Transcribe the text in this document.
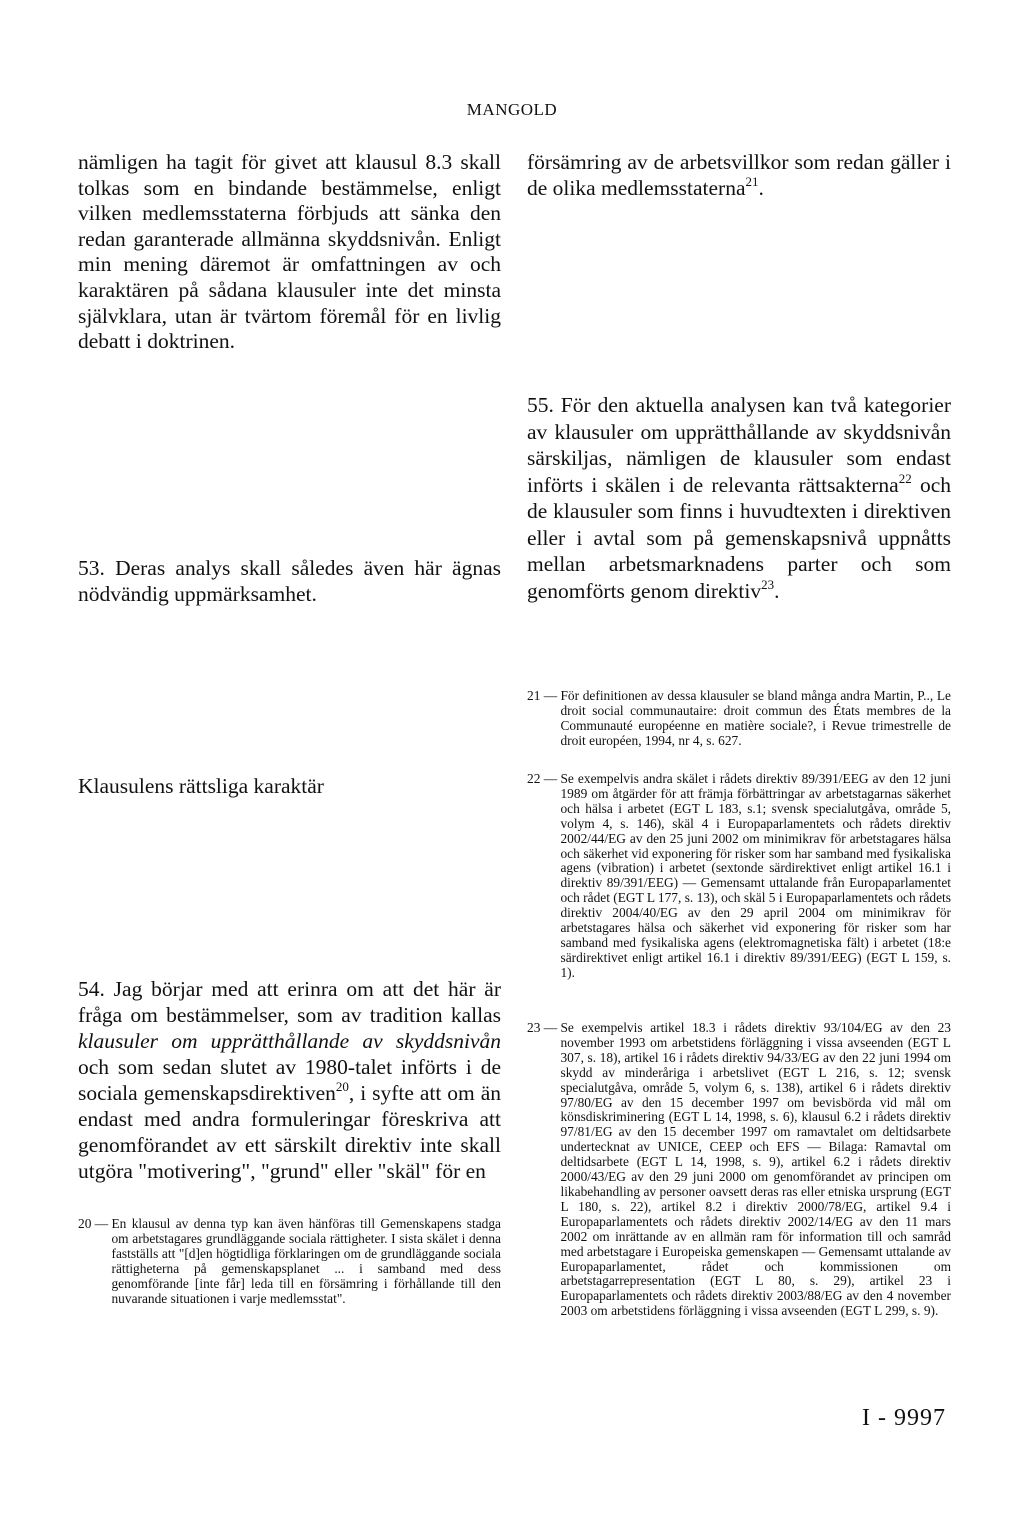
MANGOLD

nämligen ha tagit för givet att klausul 8.3 skall tolkas som en bindande bestämmelse, enligt vilken medlemsstaterna förbjuds att sänka den redan garanterade allmänna skyddsnivån. Enligt min mening däremot är omfattningen av och karaktären på sådana klausuler inte det minsta självklara, utan är tvärtom föremål för en livlig debatt i doktrinen.

53. Deras analys skall således även här ägnas nödvändig uppmärksamhet.

Klausulens rättsliga karaktär

54. Jag börjar med att erinra om att det här är fråga om bestämmelser, som av tradition kallas klausuler om upprätthållande av skyddsnivån och som sedan slutet av 1980-talet införts i de sociala gemenskapsdirektiven$^{20}$, i syfte att om än endast med andra formuleringar föreskriva att genomförandet av ett särskilt direktiv inte skall utgöra "motivering", "grund" eller "skäl" för en

20 — En klausul av denna typ kan även hänföras till Gemenskapens stadga om arbetstagares grundläggande sociala rättigheter. I sista skälet i denna fastställs att "[d]en högtidliga förklaringen om de grundläggande sociala rättigheterna på gemenskapsplanet ... i samband med dess genomförande [inte får] leda till en försämring i förhållande till den nuvarande situationen i varje medlemsstat".

försämring av de arbetsvillkor som redan gäller i de olika medlemsstaterna$^{21}$.

55. För den aktuella analysen kan två kategorier av klausuler om upprätthållande av skyddsnivån särskiljas, nämligen de klausuler som endast införts i skälen i de relevanta rättsakterna$^{22}$ och de klausuler som finns i huvudtexten i direktiven eller i avtal som på gemenskapsnivå uppnåtts mellan arbetsmarknadens parter och som genomförts genom direktiv$^{23}$.

21 — För definitionen av dessa klausuler se bland många andra Martin, P.., Le droit social communautaire: droit commun des États membres de la Communauté européenne en matière sociale?, i Revue trimestrelle de droit européen, 1994, nr 4, s. 627.
22 — Se exempelvis andra skälet i rådets direktiv 89/391/EEG av den 12 juni 1989 om åtgärder för att främja förbättringar av arbetstagarnas säkerhet och hälsa i arbetet (EGT L 183, s.1; svensk specialutgåva, område 5, volym 4, s. 146), skäl 4 i Europaparlamentets och rådets direktiv 2002/44/EG av den 25 juni 2002 om minimikrav för arbetstagares hälsa och säkerhet vid exponering för risker som har samband med fysikaliska agens (vibration) i arbetet (sextonde särdirektivet enligt artikel 16.1 i direktiv 89/391/EEG) — Gemensamt uttalande från Europaparlamentet och rådet (EGT L 177, s. 13), och skäl 5 i Europaparlamentets och rådets direktiv 2004/40/EG av den 29 april 2004 om minimikrav för arbetstagares hälsa och säkerhet vid exponering för risker som har samband med fysikaliska agens (elektromagnetiska fält) i arbetet (18:e särdirektivet enligt artikel 16.1 i direktiv 89/391/EEG) (EGT L 159, s. 1).
23 — Se exempelvis artikel 18.3 i rådets direktiv 93/104/EG av den 23 november 1993 om arbetstidens förläggning i vissa avseenden (EGT L 307, s. 18), artikel 16 i rådets direktiv 94/33/EG av den 22 juni 1994 om skydd av minderåriga i arbetslivet (EGT L 216, s. 12; svensk specialutgåva, område 5, volym 6, s. 138), artikel 6 i rådets direktiv 97/80/EG av den 15 december 1997 om bevisbörda vid mål om könsdiskriminering (EGT L 14, 1998, s. 6), klausul 6.2 i rådets direktiv 97/81/EG av den 15 december 1997 om ramavtalet om deltidsarbete undertecknat av UNICE, CEEP och EFS — Bilaga: Ramavtal om deltidsarbete (EGT L 14, 1998, s. 9), artikel 6.2 i rådets direktiv 2000/43/EG av den 29 juni 2000 om genomförandet av principen om likabehandling av personer oavsett deras ras eller etniska ursprung (EGT L 180, s. 22), artikel 8.2 i direktiv 2000/78/EG, artikel 9.4 i Europaparlamentets och rådets direktiv 2002/14/EG av den 11 mars 2002 om inrättande av en allmän ram för information till och samråd med arbetstagare i Europeiska gemenskapen — Gemensamt uttalande av Europaparlamentet, rådet och kommissionen om arbetstagarrepresentation (EGT L 80, s. 29), artikel 23 i Europaparlamentets och rådets direktiv 2003/88/EG av den 4 november 2003 om arbetstidens förläggning i vissa avseenden (EGT L 299, s. 9).
I - 9997
